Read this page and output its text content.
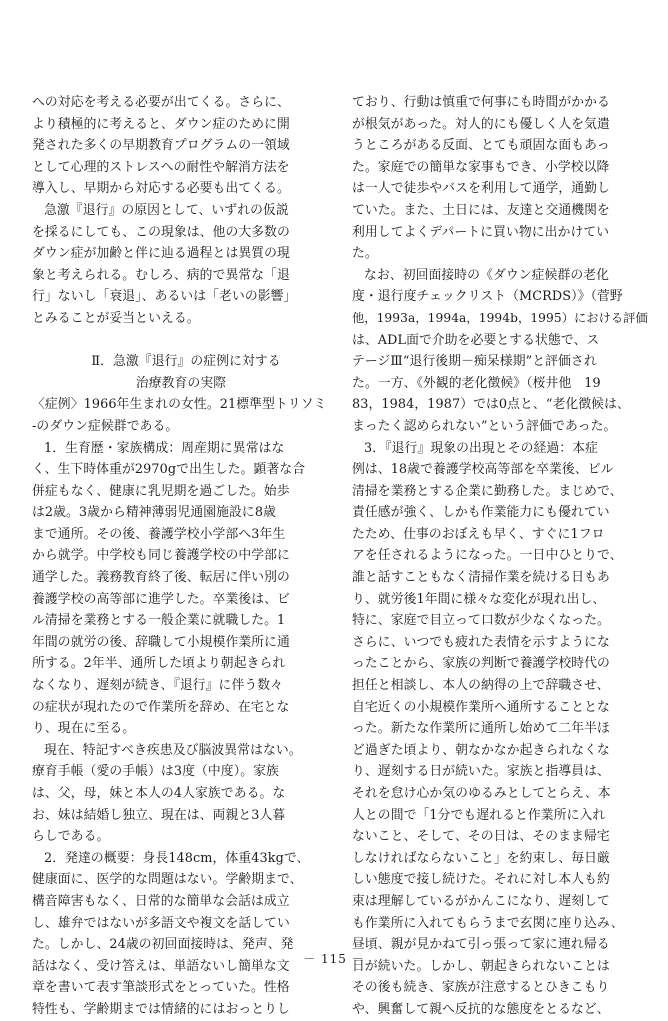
への対応を考える必要が出てくる。さらに、
より積極的に考えると、ダウン症のために開
発された多くの早期教育プログラムの一領域
として心理的ストレスへの耐性や解消方法を
導入し、早期から対応する必要も出てくる。
急激『退行』の原因として、いずれの仮説
を採るにしても、この現象は、他の大多数の
ダウン症が加齢と伴に辿る過程とは異質の現
象と考えられる。むしろ、病的で異常な「退
行」ないし「衰退」、あるいは「老いの影響」
とみることが妥当といえる。
Ⅱ．急激『退行』の症例に対する
治療教育の実際
〈症例〉1966年生まれの女性。21標準型トリソミ
-のダウン症候群である。
1．生育歴・家族構成：周産期に異常はな
く、生下時体重が2970gで出生した。顕著な合
併症もなく、健康に乳児期を過ごした。始歩
は2歳。3歳から精神薄弱児通園施設に8歳
まで通所。その後、養護学校小学部へ3年生
から就学。中学校も同じ養護学校の中学部に
通学した。義務教育終了後、転居に伴い別の
養護学校の高等部に進学した。卒業後は、ビ
ル清掃を業務とする一般企業に就職した。1
年間の就労の後、辞職して小規模作業所に通
所する。2年半、通所した頃より朝起きられ
なくなり、遅刻が続き、『退行』に伴う数々
の症状が現れたので作業所を辞め、在宅とな
り、現在に至る。
現在、特記すべき疾患及び脳波異常はない。
療育手帳（愛の手帳）は3度（中度）。家族
は、父，母，妹と本人の4人家族である。な
お、妹は結婚し独立、現在は、両親と3人暮
らしである。
2．発達の概要：身長148cm，体重43kgで、
健康面に、医学的な問題はない。学齢期まで、
構音障害もなく、日常的な簡単な会話は成立
し、雄弁ではないが多語文や複文を話してい
た。しかし、24歳の初回面接時は、発声、発
話はなく、受け答えは、単語ないし簡単な文
章を書いて表す筆談形式をとっていた。性格
特性も、学齢期までは情緒的にはおっとりし
ており、行動は慎重で何事にも時間がかかる
が根気があった。対人的にも優しく人を気遣
うところがある反面、とても頑固な面もあっ
た。家庭での簡単な家事もでき、小学校以降
は一人で徒歩やバスを利用して通学，通勤し
ていた。また、土日には、友達と交通機関を
利用してよくデパートに買い物に出かけてい
た。
なお、初回面接時の《ダウン症候群の老化
度・退行度チェックリスト（MCRDS）》（菅野
他，1993a，1994a，1994b，1995）における評価
は、ADL面で介助を必要とする状態で、ス
テージⅢ“退行後期－痴呆様期”と評価され
た。一方、《外観的老化徴候》（桜井他　19
83，1984，1987）では0点と、“老化徴候は、
まったく認められない”という評価であった。
3．『退行』現象の出現とその経過：本症
例は、18歳で養護学校高等部を卒業後、ビル
清掃を業務とする企業に勤務した。まじめで、
責任感が強く、しかも作業能力にも優れてい
たため、仕事のおぼえも早く、すぐに1フロ
アを任されるようになった。一日中ひとりで、
誰と話すこともなく清掃作業を続ける日もあ
り、就労後1年間に様々な変化が現れ出し、
特に、家庭で目立って口数が少なくなった。
さらに、いつでも疲れた表情を示すようにな
ったことから、家族の判断で養護学校時代の
担任と相談し、本人の納得の上で辞職させ、
自宅近くの小規模作業所へ通所することとな
った。新たな作業所に通所し始めて二年半ほ
ど過ぎた頃より、朝なかなか起きられなくな
り、遅刻する日が続いた。家族と指導員は、
それを怠け心か気のゆるみとしてとらえ、本
人との間で「1分でも遅れると作業所に入れ
ないこと、そして、その日は、そのまま帰宅
しなければならないこと」を約束し、毎日厳
しい態度で接し続けた。それに対し本人も約
束は理解しているがかんこになり、遅刻して
も作業所に入れてもらうまで玄関に座り込み、
昼頃、親が見かねて引っ張って家に連れ帰る
日が続いた。しかし、朝起きられないことは
その後も続き、家族が注意するとひきこもり
や、興奮して親へ反抗的な態度をとるなど、
－ 115 －
